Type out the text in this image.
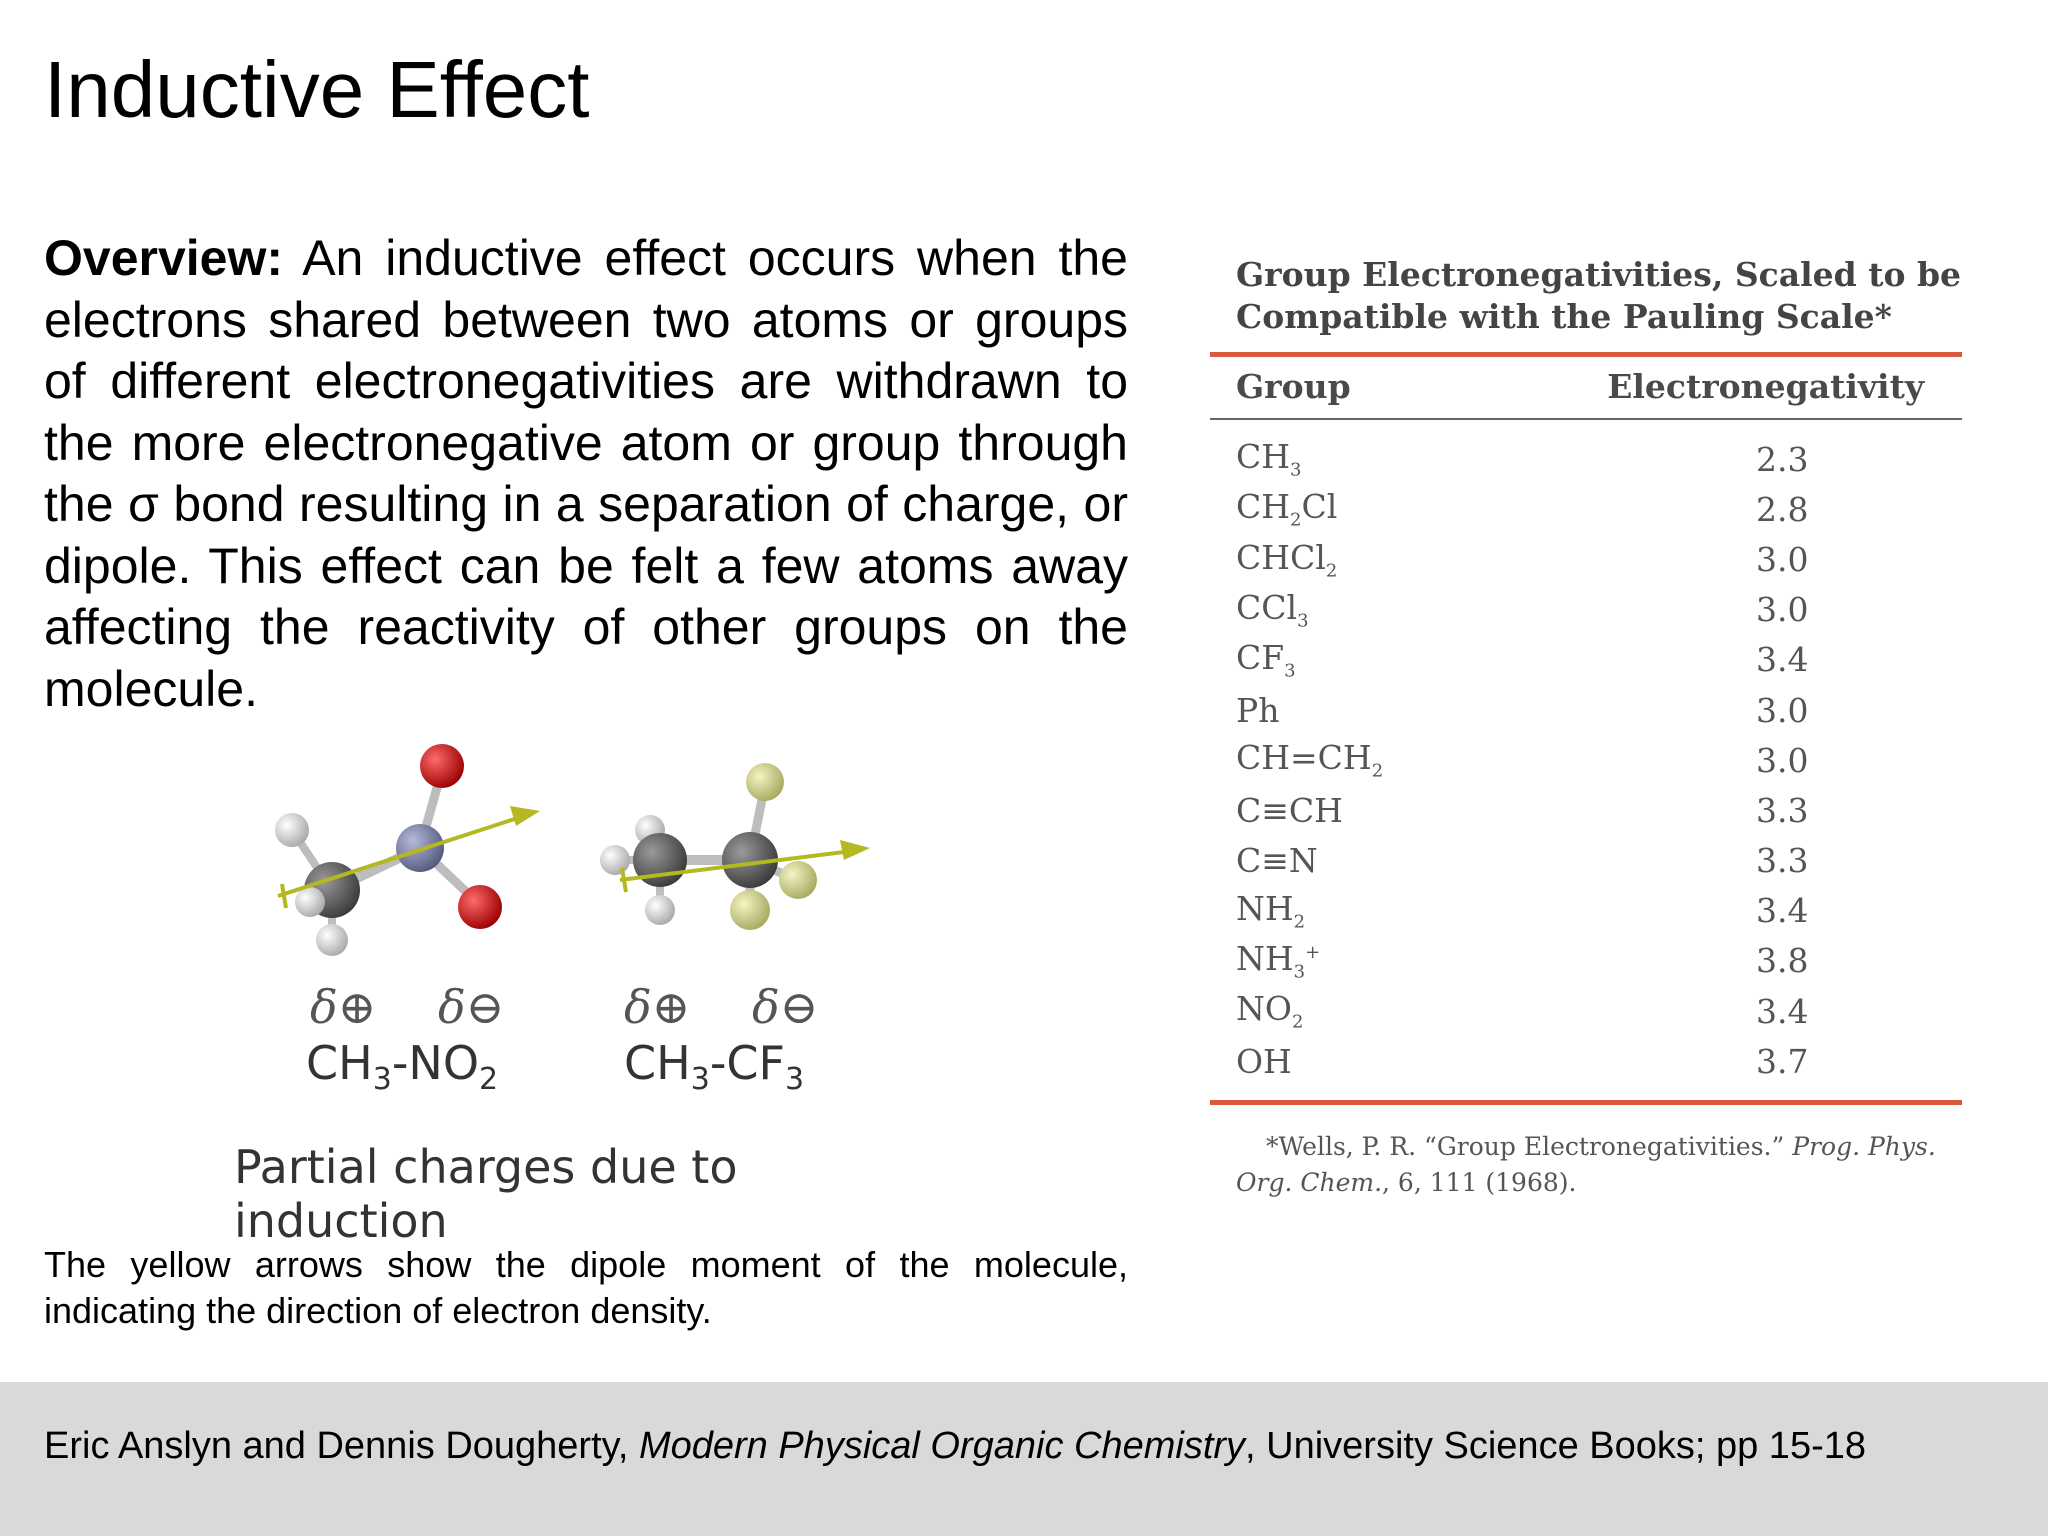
Inductive Effect

Overview: An inductive effect occurs when the electrons shared between two atoms or groups of different electronegativities are withdrawn to the more electronegative atom or group through the σ bond resulting in a separation of charge, or dipole. This effect can be felt a few atoms away affecting the reactivity of other groups on the molecule.

δ⊕ δ⊖	δ⊕ δ⊖
$CH_3-NO_2$	$CH_3-CF_3$
Partial charges due to induction

The yellow arrows show the dipole moment of the molecule, indicating the direction of electron density.

Group Electronegativities, Scaled to be
Compatible with the Pauling Scale*
Group	Electronegativity
$CH_3$	2.3
$CH_2Cl$	2.8
CHCl$_2$	3.0
CCl$_3$	3.0
$CF_3$	3.4
Ph	3.0
$CH=CH_2$	3.0
C≡CH	3.3
C≡N	3.3
$NH_2$	3.4
$NH_3^+$	3.8
$NO_2$	3.4
OH	3.7
*Wells, P. R. “Group Electronegativities.” Prog. Phys.
Org. Chem., 6, 111 (1968).
Eric Anslyn and Dennis Dougherty, Modern Physical Organic Chemistry, University Science Books; pp 15-18
